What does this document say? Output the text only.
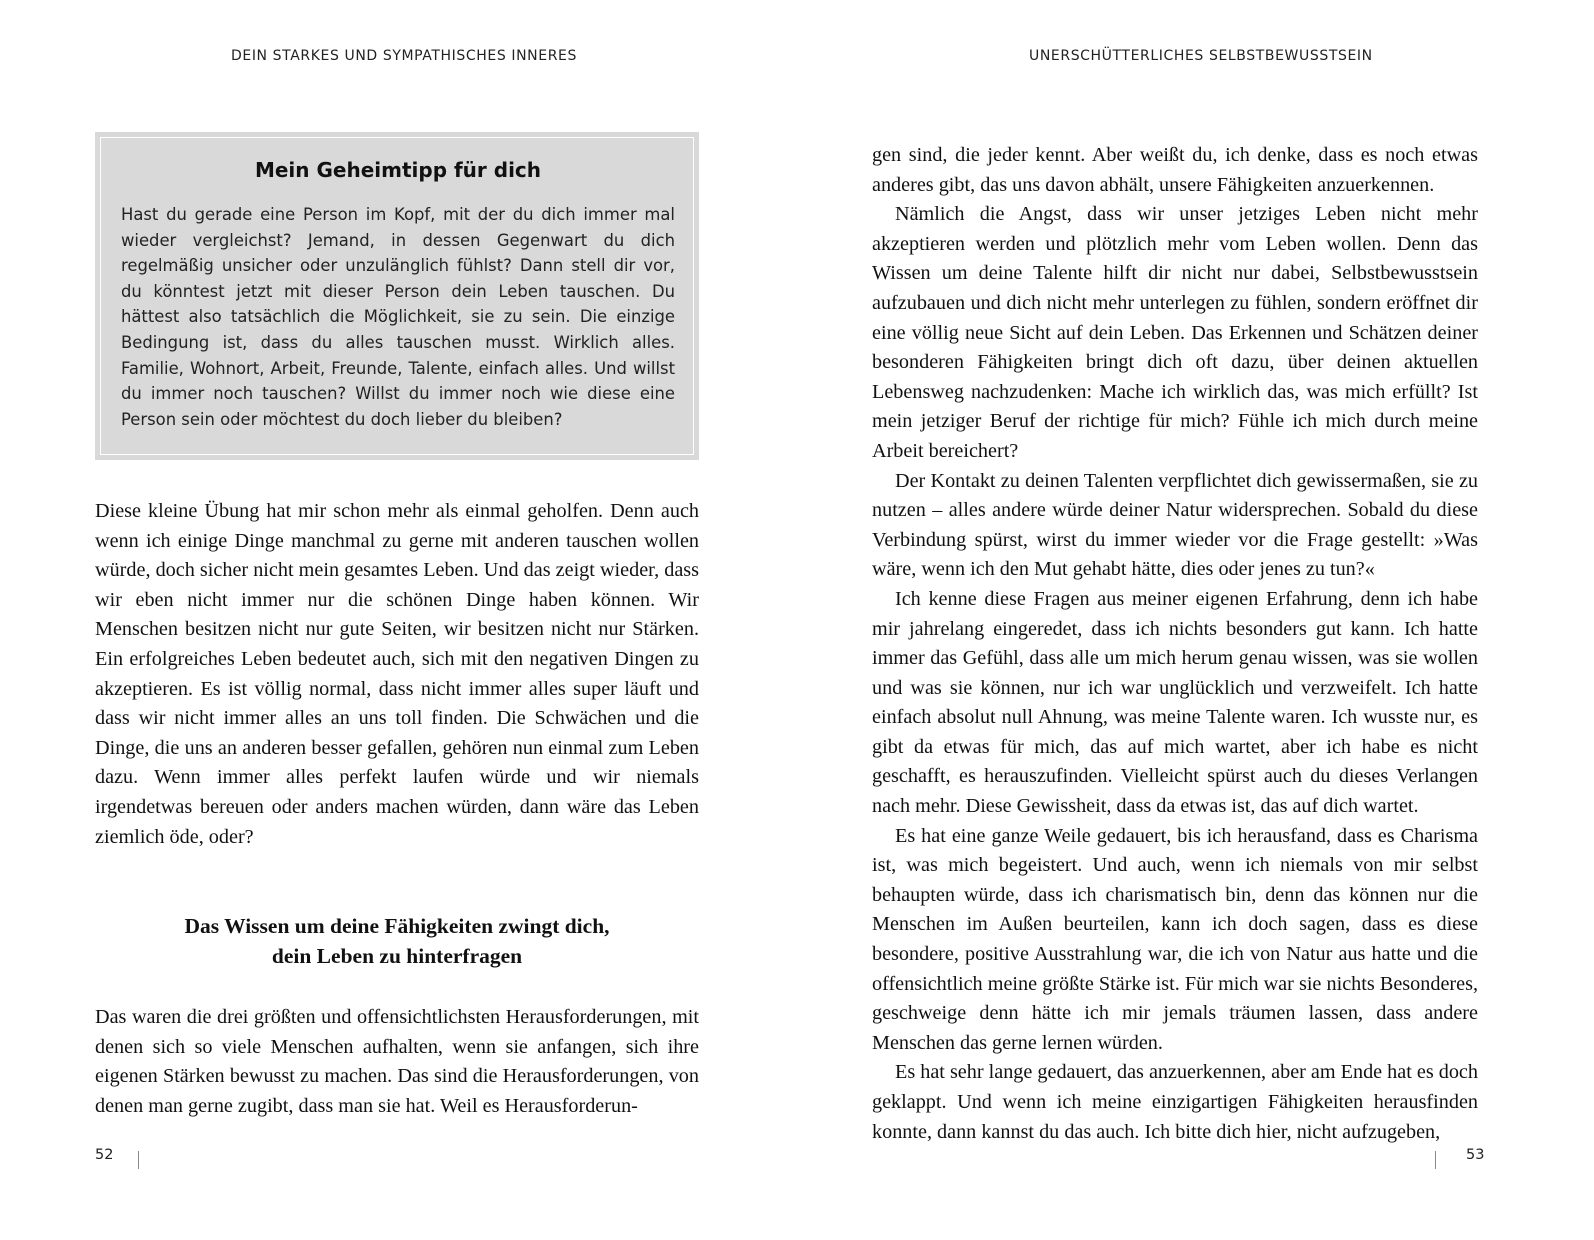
DEIN STARKES UND SYMPATHISCHES INNERES

Mein Geheimtipp für dich

Hast du gerade eine Person im Kopf, mit der du dich immer mal wieder vergleichst? Jemand, in dessen Gegenwart du dich regelmäßig unsicher oder unzulänglich fühlst? Dann stell dir vor, du könntest jetzt mit dieser Person dein Leben tauschen. Du hättest also tatsächlich die Möglichkeit, sie zu sein. Die einzige Bedingung ist, dass du alles tauschen musst. Wirklich alles. Familie, Wohnort, Arbeit, Freunde, Talente, einfach alles. Und willst du immer noch tauschen? Willst du immer noch wie diese eine Person sein oder möchtest du doch lieber du bleiben?

Diese kleine Übung hat mir schon mehr als einmal geholfen. Denn auch wenn ich einige Dinge manchmal zu gerne mit anderen tauschen wollen würde, doch sicher nicht mein gesamtes Leben. Und das zeigt wieder, dass wir eben nicht immer nur die schönen Dinge haben können. Wir Menschen besitzen nicht nur gute Seiten, wir besitzen nicht nur Stärken. Ein erfolgreiches Leben bedeutet auch, sich mit den negativen Dingen zu akzeptieren. Es ist völlig normal, dass nicht immer alles super läuft und dass wir nicht immer alles an uns toll finden. Die Schwächen und die Dinge, die uns an anderen besser gefallen, gehören nun einmal zum Leben dazu. Wenn immer alles perfekt laufen würde und wir niemals irgendetwas bereuen oder anders machen würden, dann wäre das Leben ziemlich öde, oder?

Das Wissen um deine Fähigkeiten zwingt dich,
dein Leben zu hinterfragen

Das waren die drei größten und offensichtlichsten Herausforderungen, mit denen sich so viele Menschen aufhalten, wenn sie anfangen, sich ihre eigenen Stärken bewusst zu machen. Das sind die Herausforderungen, von denen man gerne zugibt, dass man sie hat. Weil es Herausforderun-

52
UNERSCHÜTTERLICHES SELBSTBEWUSSTSEIN

gen sind, die jeder kennt. Aber weißt du, ich denke, dass es noch etwas anderes gibt, das uns davon abhält, unsere Fähigkeiten anzuerkennen.

Nämlich die Angst, dass wir unser jetziges Leben nicht mehr akzeptieren werden und plötzlich mehr vom Leben wollen. Denn das Wissen um deine Talente hilft dir nicht nur dabei, Selbstbewusstsein aufzubauen und dich nicht mehr unterlegen zu fühlen, sondern eröffnet dir eine völlig neue Sicht auf dein Leben. Das Erkennen und Schätzen deiner besonderen Fähigkeiten bringt dich oft dazu, über deinen aktuellen Lebensweg nachzudenken: Mache ich wirklich das, was mich erfüllt? Ist mein jetziger Beruf der richtige für mich? Fühle ich mich durch meine Arbeit bereichert?

Der Kontakt zu deinen Talenten verpflichtet dich gewissermaßen, sie zu nutzen – alles andere würde deiner Natur widersprechen. Sobald du diese Verbindung spürst, wirst du immer wieder vor die Frage gestellt: »Was wäre, wenn ich den Mut gehabt hätte, dies oder jenes zu tun?«

Ich kenne diese Fragen aus meiner eigenen Erfahrung, denn ich habe mir jahrelang eingeredet, dass ich nichts besonders gut kann. Ich hatte immer das Gefühl, dass alle um mich herum genau wissen, was sie wollen und was sie können, nur ich war unglücklich und verzweifelt. Ich hatte einfach absolut null Ahnung, was meine Talente waren. Ich wusste nur, es gibt da etwas für mich, das auf mich wartet, aber ich habe es nicht geschafft, es herauszufinden. Vielleicht spürst auch du dieses Verlangen nach mehr. Diese Gewissheit, dass da etwas ist, das auf dich wartet.

Es hat eine ganze Weile gedauert, bis ich herausfand, dass es Charisma ist, was mich begeistert. Und auch, wenn ich niemals von mir selbst behaupten würde, dass ich charismatisch bin, denn das können nur die Menschen im Außen beurteilen, kann ich doch sagen, dass es diese besondere, positive Ausstrahlung war, die ich von Natur aus hatte und die offensichtlich meine größte Stärke ist. Für mich war sie nichts Besonderes, geschweige denn hätte ich mir jemals träumen lassen, dass andere Menschen das gerne lernen würden.

Es hat sehr lange gedauert, das anzuerkennen, aber am Ende hat es doch geklappt. Und wenn ich meine einzigartigen Fähigkeiten herausfinden konnte, dann kannst du das auch. Ich bitte dich hier, nicht aufzugeben,

53
